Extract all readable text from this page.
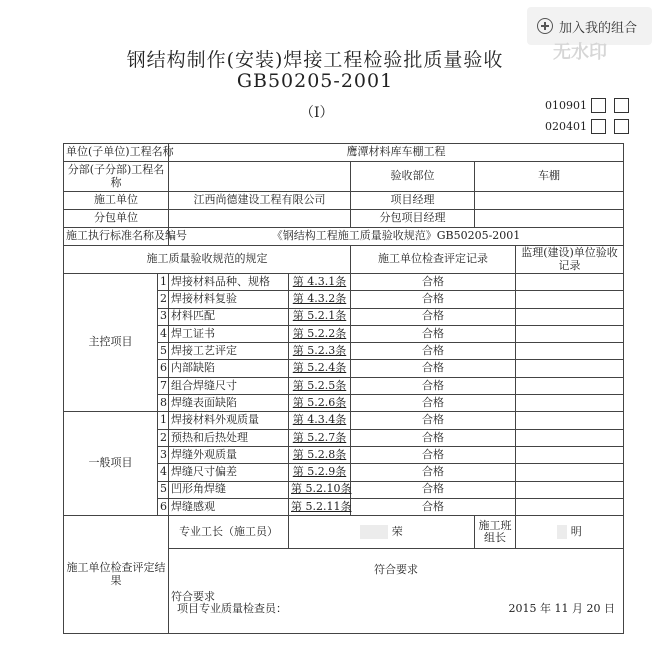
加入我的组合
无水印
钢结构制作(安装)焊接工程检验批质量验收
GB50205-2001
（Ⅰ）	010901
020401
单位(子单位)工程名称		鹰潭材料库车棚工程				
分部(子分部)工程名称				验收部位	车棚	
施工单位		江西尚德建设工程有限公司		项目经理		
分包单位				分包项目经理		
施工执行标准名称及编号		《钢结构工程施工质量验收规范》GB50205-2001				
施工质量验收规范的规定				施工单位检查评定记录		监理(建设)单位验收记录
主控项目	1	焊接材料品种、规格	第 4.3.1条	合格		
	2	焊接材料复验	第 4.3.2条	合格		
	3	材料匹配	第 5.2.1条	合格		
	4	焊工证书	第 5.2.2条	合格		
	5	焊接工艺评定	第 5.2.3条	合格		
	6	内部缺陷	第 5.2.4条	合格		
	7	组合焊缝尺寸	第 5.2.5条	合格		
	8	焊缝表面缺陷	第 5.2.6条	合格		
一般项目	1	焊接材料外观质量	第 4.3.4条	合格		
	2	预热和后热处理	第 5.2.7条	合格		
	3	焊缝外观质量	第 5.2.8条	合格		
	4	焊缝尺寸偏差	第 5.2.9条	合格		
	5	凹形角焊缝	第 5.2.10条	合格		
	6	焊缝感观	第 5.2.11条	合格		
施工单位检查评定结果		专业工长（施工员）	荣		施工班组长	明
		符合要求				

		符合要求
项目专业质量检查员： 2015 年 11 月 20 日				
